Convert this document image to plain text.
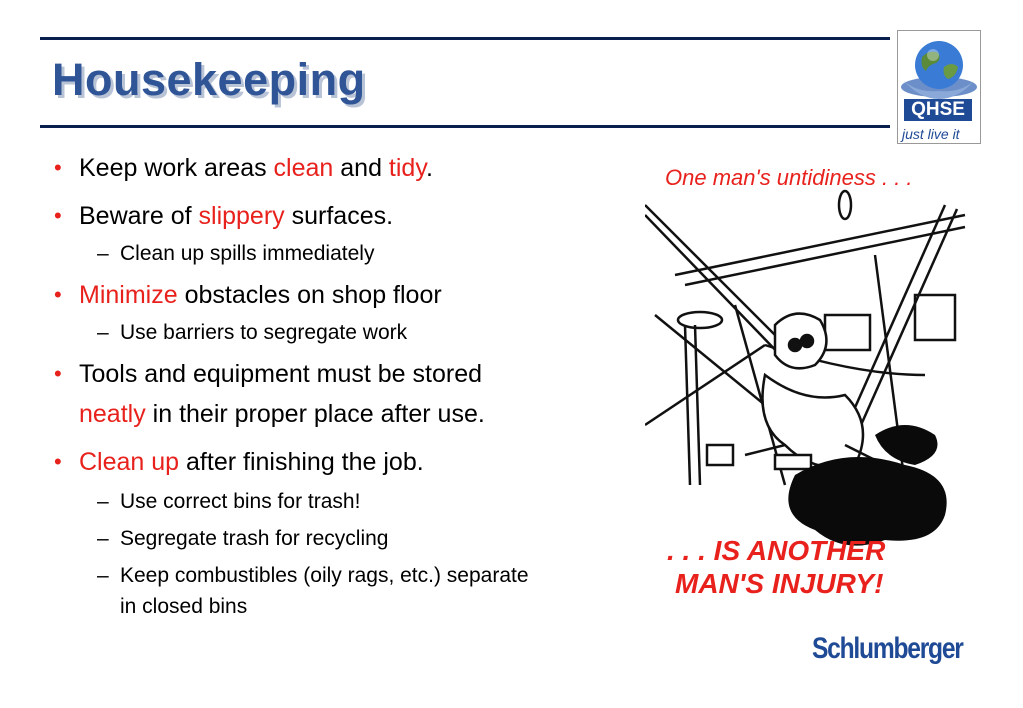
Housekeeping
QHSE
just live it
• Keep work areas clean and tidy.
• Beware of slippery surfaces.
– Clean up spills immediately
• Minimize obstacles on shop floor
– Use barriers to segregate work
• Tools and equipment must be stored
neatly in their proper place after use.
• Clean up after finishing the job.
– Use correct bins for trash!
– Segregate trash for recycling
– Keep combustibles (oily rags, etc.) separate
in closed bins
One man's untidiness . . .
. . . IS ANOTHER
MAN'S INJURY!
Schlumberger
